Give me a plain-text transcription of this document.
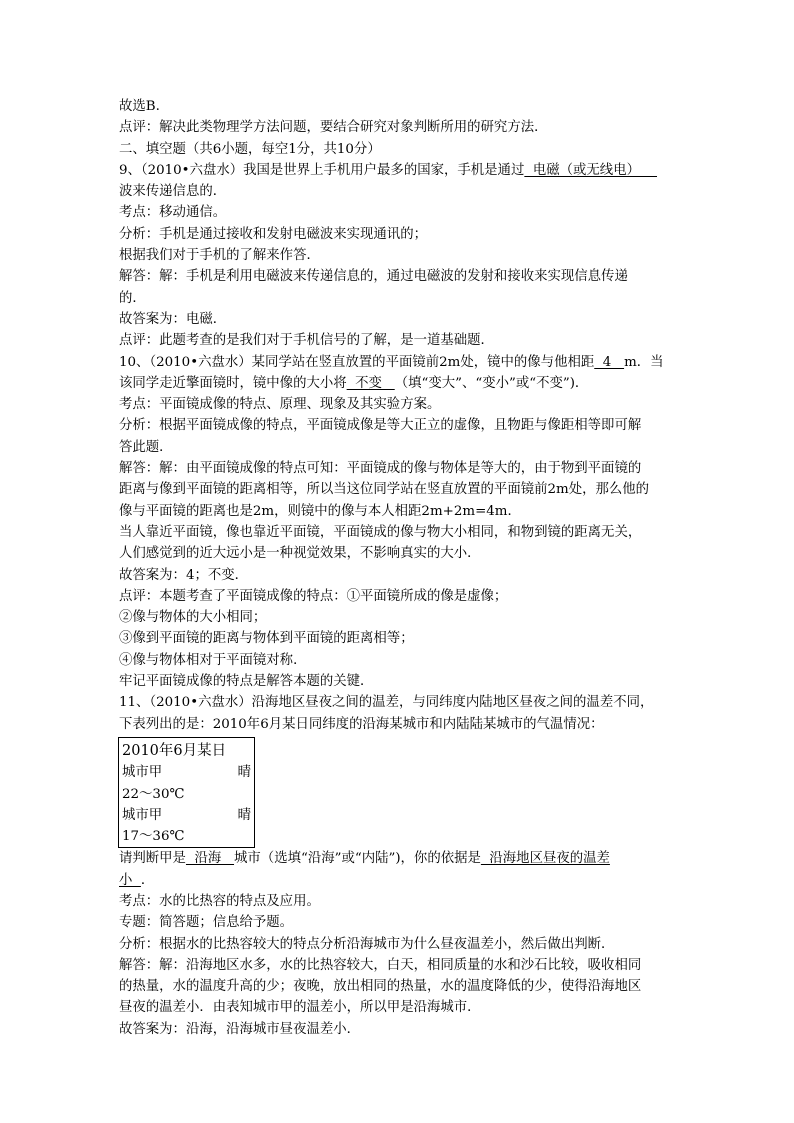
故选B.
点评：解决此类物理学方法问题，要结合研究对象判断所用的研究方法．
二、填空题（共6小题，每空1分，共10分）
9、（2010•六盘水）我国是世界上手机用户最多的国家，手机是通过  电磁（或无线电）
波来传递信息的．
考点：移动通信。
分析：手机是通过接收和发射电磁波来实现通讯的；
根据我们对于手机的了解来作答．
解答：解：手机是利用电磁波来传递信息的，通过电磁波的发射和接收来实现信息传递
的．
故答案为：电磁．
点评：此题考查的是我们对于手机信号的了解，是一道基础题．
10、（2010•六盘水）某同学站在竖直放置的平面镜前2m处，镜中的像与他相距  4   m．当
该同学走近擎面镜时，镜中像的大小将  不变   （填“变大”、“变小”或“不变”)．
考点：平面镜成像的特点、原理、现象及其实验方案。
分析：根据平面镜成像的特点，平面镜成像是等大正立的虚像，且物距与像距相等即可解
答此题．
解答：解：由平面镜成像的特点可知：平面镜成的像与物体是等大的，由于物到平面镜的
距离与像到平面镜的距离相等，所以当这位同学站在竖直放置的平面镜前2m处，那么他的
像与平面镜的距离也是2m，则镜中的像与本人相距2m+2m=4m．
当人靠近平面镜，像也靠近平面镜，平面镜成的像与物大小相同，和物到镜的距离无关，
人们感觉到的近大远小是一种视觉效果，不影响真实的大小．
故答案为：4；不变．
点评：本题考查了平面镜成像的特点：①平面镜所成的像是虚像；
②像与物体的大小相同；
③像到平面镜的距离与物体到平面镜的距离相等；
④像与物体相对于平面镜对称．
牢记平面镜成像的特点是解答本题的关键．
11、（2010•六盘水）沿海地区昼夜之间的温差，与同纬度内陆地区昼夜之间的温差不同，
下表列出的是：2010年6月某日同纬度的沿海某城市和内陆陆某城市的气温情况：
2010年6月某日
城市甲	晴
22～30℃
城市甲	晴
17～36℃
请判断甲是  沿海   城市（选填“沿海”或“内陆”)，你的依据是  沿海地区昼夜的温差
小  ．
考点：水的比热容的特点及应用。
专题：简答题；信息给予题。
分析：根据水的比热容较大的特点分析沿海城市为什么昼夜温差小，然后做出判断．
解答：解：沿海地区水多，水的比热容较大，白天，相同质量的水和沙石比较，吸收相同
的热量，水的温度升高的少；夜晚，放出相同的热量，水的温度降低的少，使得沿海地区
昼夜的温差小．由表知城市甲的温差小，所以甲是沿海城市．
故答案为：沿海，沿海城市昼夜温差小．
